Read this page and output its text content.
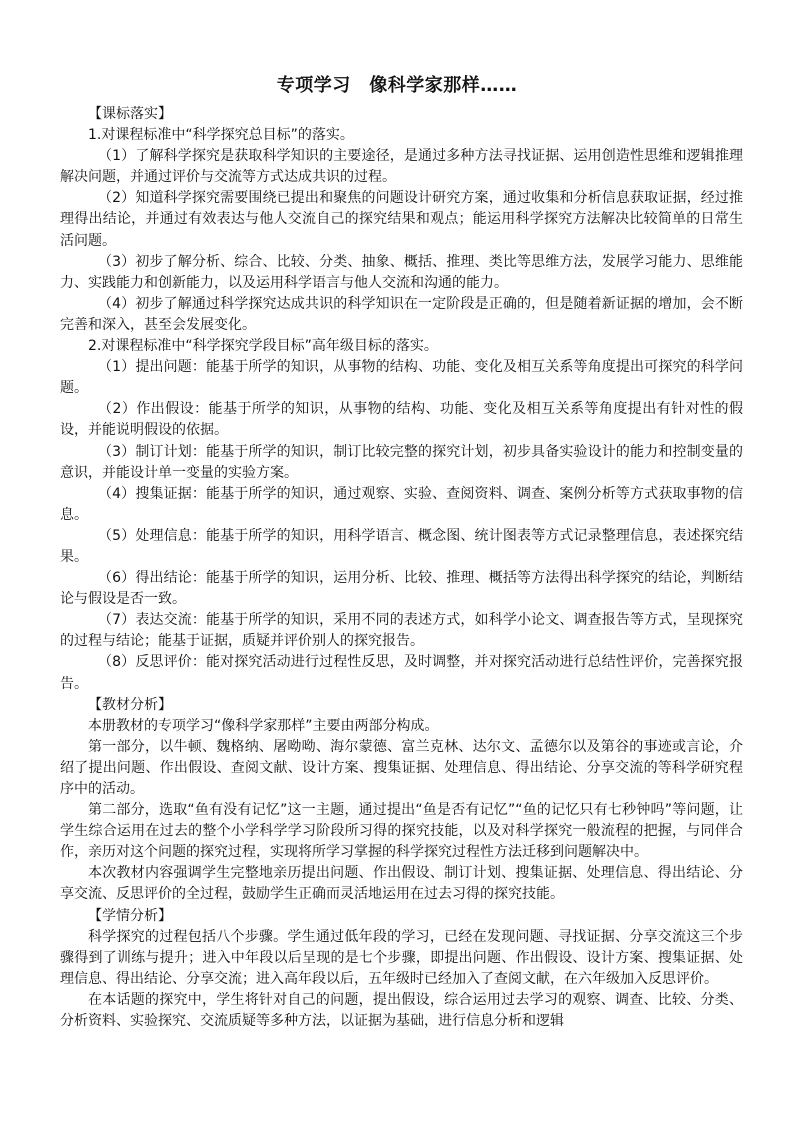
专项学习　像科学家那样……

【课标落实】

1.对课程标准中“科学探究总目标”的落实。

（1）了解科学探究是获取科学知识的主要途径，是通过多种方法寻找证据、运用创造性思维和逻辑推理解决问题，并通过评价与交流等方式达成共识的过程。

（2）知道科学探究需要围绕已提出和聚焦的问题设计研究方案，通过收集和分析信息获取证据，经过推理得出结论，并通过有效表达与他人交流自己的探究结果和观点；能运用科学探究方法解决比较简单的日常生活问题。

（3）初步了解分析、综合、比较、分类、抽象、概括、推理、类比等思维方法，发展学习能力、思维能力、实践能力和创新能力，以及运用科学语言与他人交流和沟通的能力。

（4）初步了解通过科学探究达成共识的科学知识在一定阶段是正确的，但是随着新证据的增加，会不断完善和深入，甚至会发展变化。

2.对课程标准中“科学探究学段目标”高年级目标的落实。

（1）提出问题：能基于所学的知识，从事物的结构、功能、变化及相互关系等角度提出可探究的科学问题。

（2）作出假设：能基于所学的知识，从事物的结构、功能、变化及相互关系等角度提出有针对性的假设，并能说明假设的依据。

（3）制订计划：能基于所学的知识，制订比较完整的探究计划，初步具备实验设计的能力和控制变量的意识，并能设计单一变量的实验方案。

（4）搜集证据：能基于所学的知识，通过观察、实验、查阅资料、调查、案例分析等方式获取事物的信息。

（5）处理信息：能基于所学的知识，用科学语言、概念图、统计图表等方式记录整理信息，表述探究结果。

（6）得出结论：能基于所学的知识，运用分析、比较、推理、概括等方法得出科学探究的结论，判断结论与假设是否一致。

（7）表达交流：能基于所学的知识，采用不同的表述方式，如科学小论文、调查报告等方式，呈现探究的过程与结论；能基于证据，质疑并评价别人的探究报告。

（8）反思评价：能对探究活动进行过程性反思，及时调整，并对探究活动进行总结性评价，完善探究报告。

【教材分析】

本册教材的专项学习“像科学家那样”主要由两部分构成。

第一部分，以牛顿、魏格纳、屠呦呦、海尔蒙德、富兰克林、达尔文、孟德尔以及第谷的事迹或言论，介绍了提出问题、作出假设、查阅文献、设计方案、搜集证据、处理信息、得出结论、分享交流的等科学研究程序中的活动。

第二部分，选取“鱼有没有记忆”这一主题，通过提出“鱼是否有记忆”“鱼的记忆只有七秒钟吗”等问题，让学生综合运用在过去的整个小学科学学习阶段所习得的探究技能，以及对科学探究一般流程的把握，与同伴合作，亲历对这个问题的探究过程，实现将所学习掌握的科学探究过程性方法迁移到问题解决中。

本次教材内容强调学生完整地亲历提出问题、作出假设、制订计划、搜集证据、处理信息、得出结论、分享交流、反思评价的全过程，鼓励学生正确而灵活地运用在过去习得的探究技能。

【学情分析】

科学探究的过程包括八个步骤。学生通过低年段的学习，已经在发现问题、寻找证据、分享交流这三个步骤得到了训练与提升；进入中年段以后呈现的是七个步骤，即提出问题、作出假设、设计方案、搜集证据、处理信息、得出结论、分享交流；进入高年段以后，五年级时已经加入了查阅文献，在六年级加入反思评价。

在本话题的探究中，学生将针对自己的问题，提出假设，综合运用过去学习的观察、调查、比较、分类、分析资料、实验探究、交流质疑等多种方法，以证据为基础，进行信息分析和逻辑
